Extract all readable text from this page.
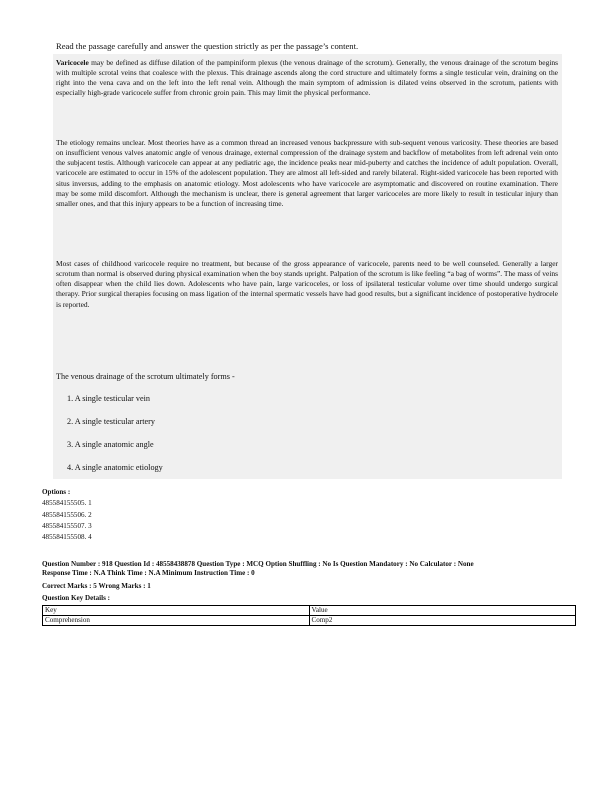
Read the passage carefully and answer the question strictly as per the passage’s content.

Varicocele may be defined as diffuse dilation of the pampiniform plexus (the venous drainage of the scrotum). Generally, the venous drainage of the scrotum begins with multiple scrotal veins that coalesce with the plexus. This drainage ascends along the cord structure and ultimately forms a single testicular vein, draining on the right into the vena cava and on the left into the left renal vein. Although the main symptom of admission is dilated veins observed in the scrotum, patients with especially high-grade varicocele suffer from chronic groin pain. This may limit the physical performance.

The etiology remains unclear. Most theories have as a common thread an increased venous backpressure with sub-sequent venous varicosity. These theories are based on insufficient venous valves anatomic angle of venous drainage, external compression of the drainage system and backflow of metabolites from left adrenal vein onto the subjacent testis. Although varicocele can appear at any pediatric age, the incidence peaks near mid-puberty and catches the incidence of adult population. Overall, varicocele are estimated to occur in 15% of the adolescent population. They are almost all left-sided and rarely bilateral. Right-sided varicocele has been reported with situs inversus, adding to the emphasis on anatomic etiology. Most adolescents who have varicocele are asymptomatic and discovered on routine examination. There may be some mild discomfort. Although the mechanism is unclear, there is general agreement that larger varicoceles are more likely to result in testicular injury than smaller ones, and that this injury appears to be a function of increasing time.

Most cases of childhood varicocele require no treatment, but because of the gross appearance of varicocele, parents need to be well counseled. Generally a larger scrotum than normal is observed during physical examination when the boy stands upright. Palpation of the scrotum is like feeling “a bag of worms”. The mass of veins often disappear when the child lies down. Adolescents who have pain, large varicoceles, or loss of ipsilateral testicular volume over time should undergo surgical therapy. Prior surgical therapies focusing on mass ligation of the internal spermatic vessels have had good results, but a significant incidence of postoperative hydrocele is reported.

The venous drainage of the scrotum ultimately forms -
1. A single testicular vein
2. A single testicular artery
3. A single anatomic angle
4. A single anatomic etiology
Options :
485584155505. 1
485584155506. 2
485584155507. 3
485584155508. 4
Question Number : 918 Question Id : 48558438878 Question Type : MCQ Option Shuffling : No Is Question Mandatory : No Calculator : None
Response Time : N.A Think Time : N.A Minimum Instruction Time : 0
Correct Marks : 5 Wrong Marks : 1
Question Key Details :
Key	Value
Comprehension	Comp2
